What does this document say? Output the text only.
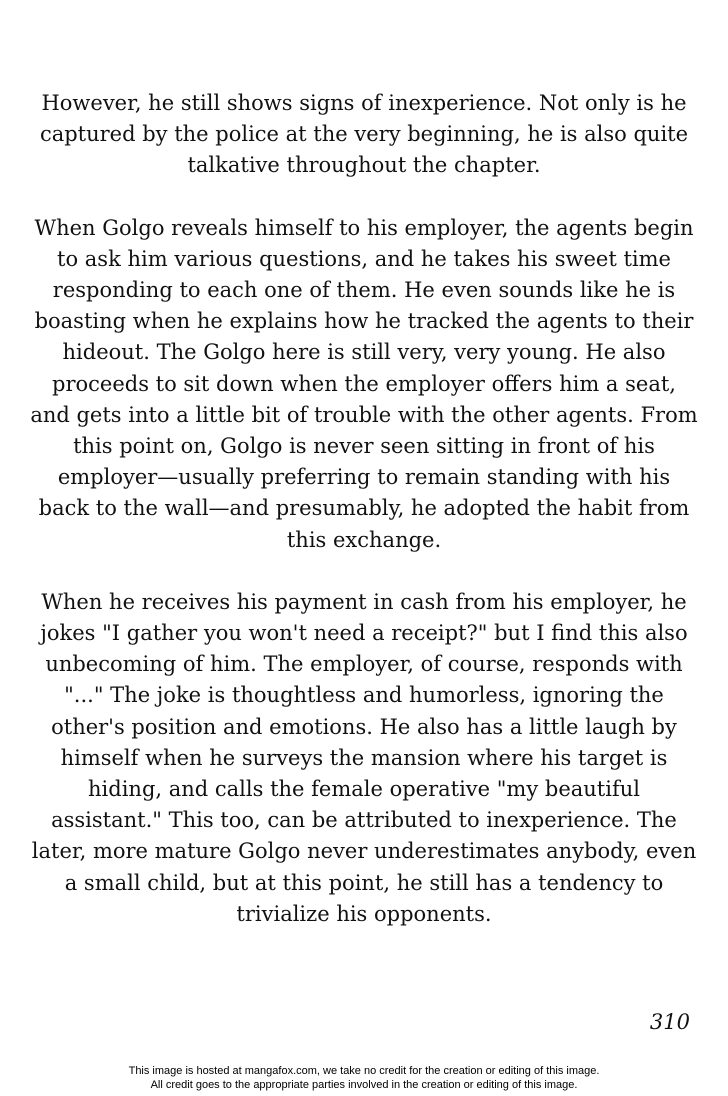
However, he still shows signs of inexperience. Not only is he captured by the police at the very beginning, he is also quite talkative throughout the chapter.

When Golgo reveals himself to his employer, the agents begin to ask him various questions, and he takes his sweet time responding to each one of them. He even sounds like he is boasting when he explains how he tracked the agents to their hideout. The Golgo here is still very, very young. He also proceeds to sit down when the employer offers him a seat, and gets into a little bit of trouble with the other agents. From this point on, Golgo is never seen sitting in front of his employer—usually preferring to remain standing with his back to the wall—and presumably, he adopted the habit from this exchange.

When he receives his payment in cash from his employer, he jokes "I gather you won't need a receipt?" but I find this also unbecoming of him. The employer, of course, responds with "..." The joke is thoughtless and humorless, ignoring the other's position and emotions. He also has a little laugh by himself when he surveys the mansion where his target is hiding, and calls the female operative "my beautiful assistant." This too, can be attributed to inexperience. The later, more mature Golgo never underestimates anybody, even a small child, but at this point, he still has a tendency to trivialize his opponents.

310
This image is hosted at mangafox.com, we take no credit for the creation or editing of this image.
All credit goes to the appropriate parties involved in the creation or editing of this image.
